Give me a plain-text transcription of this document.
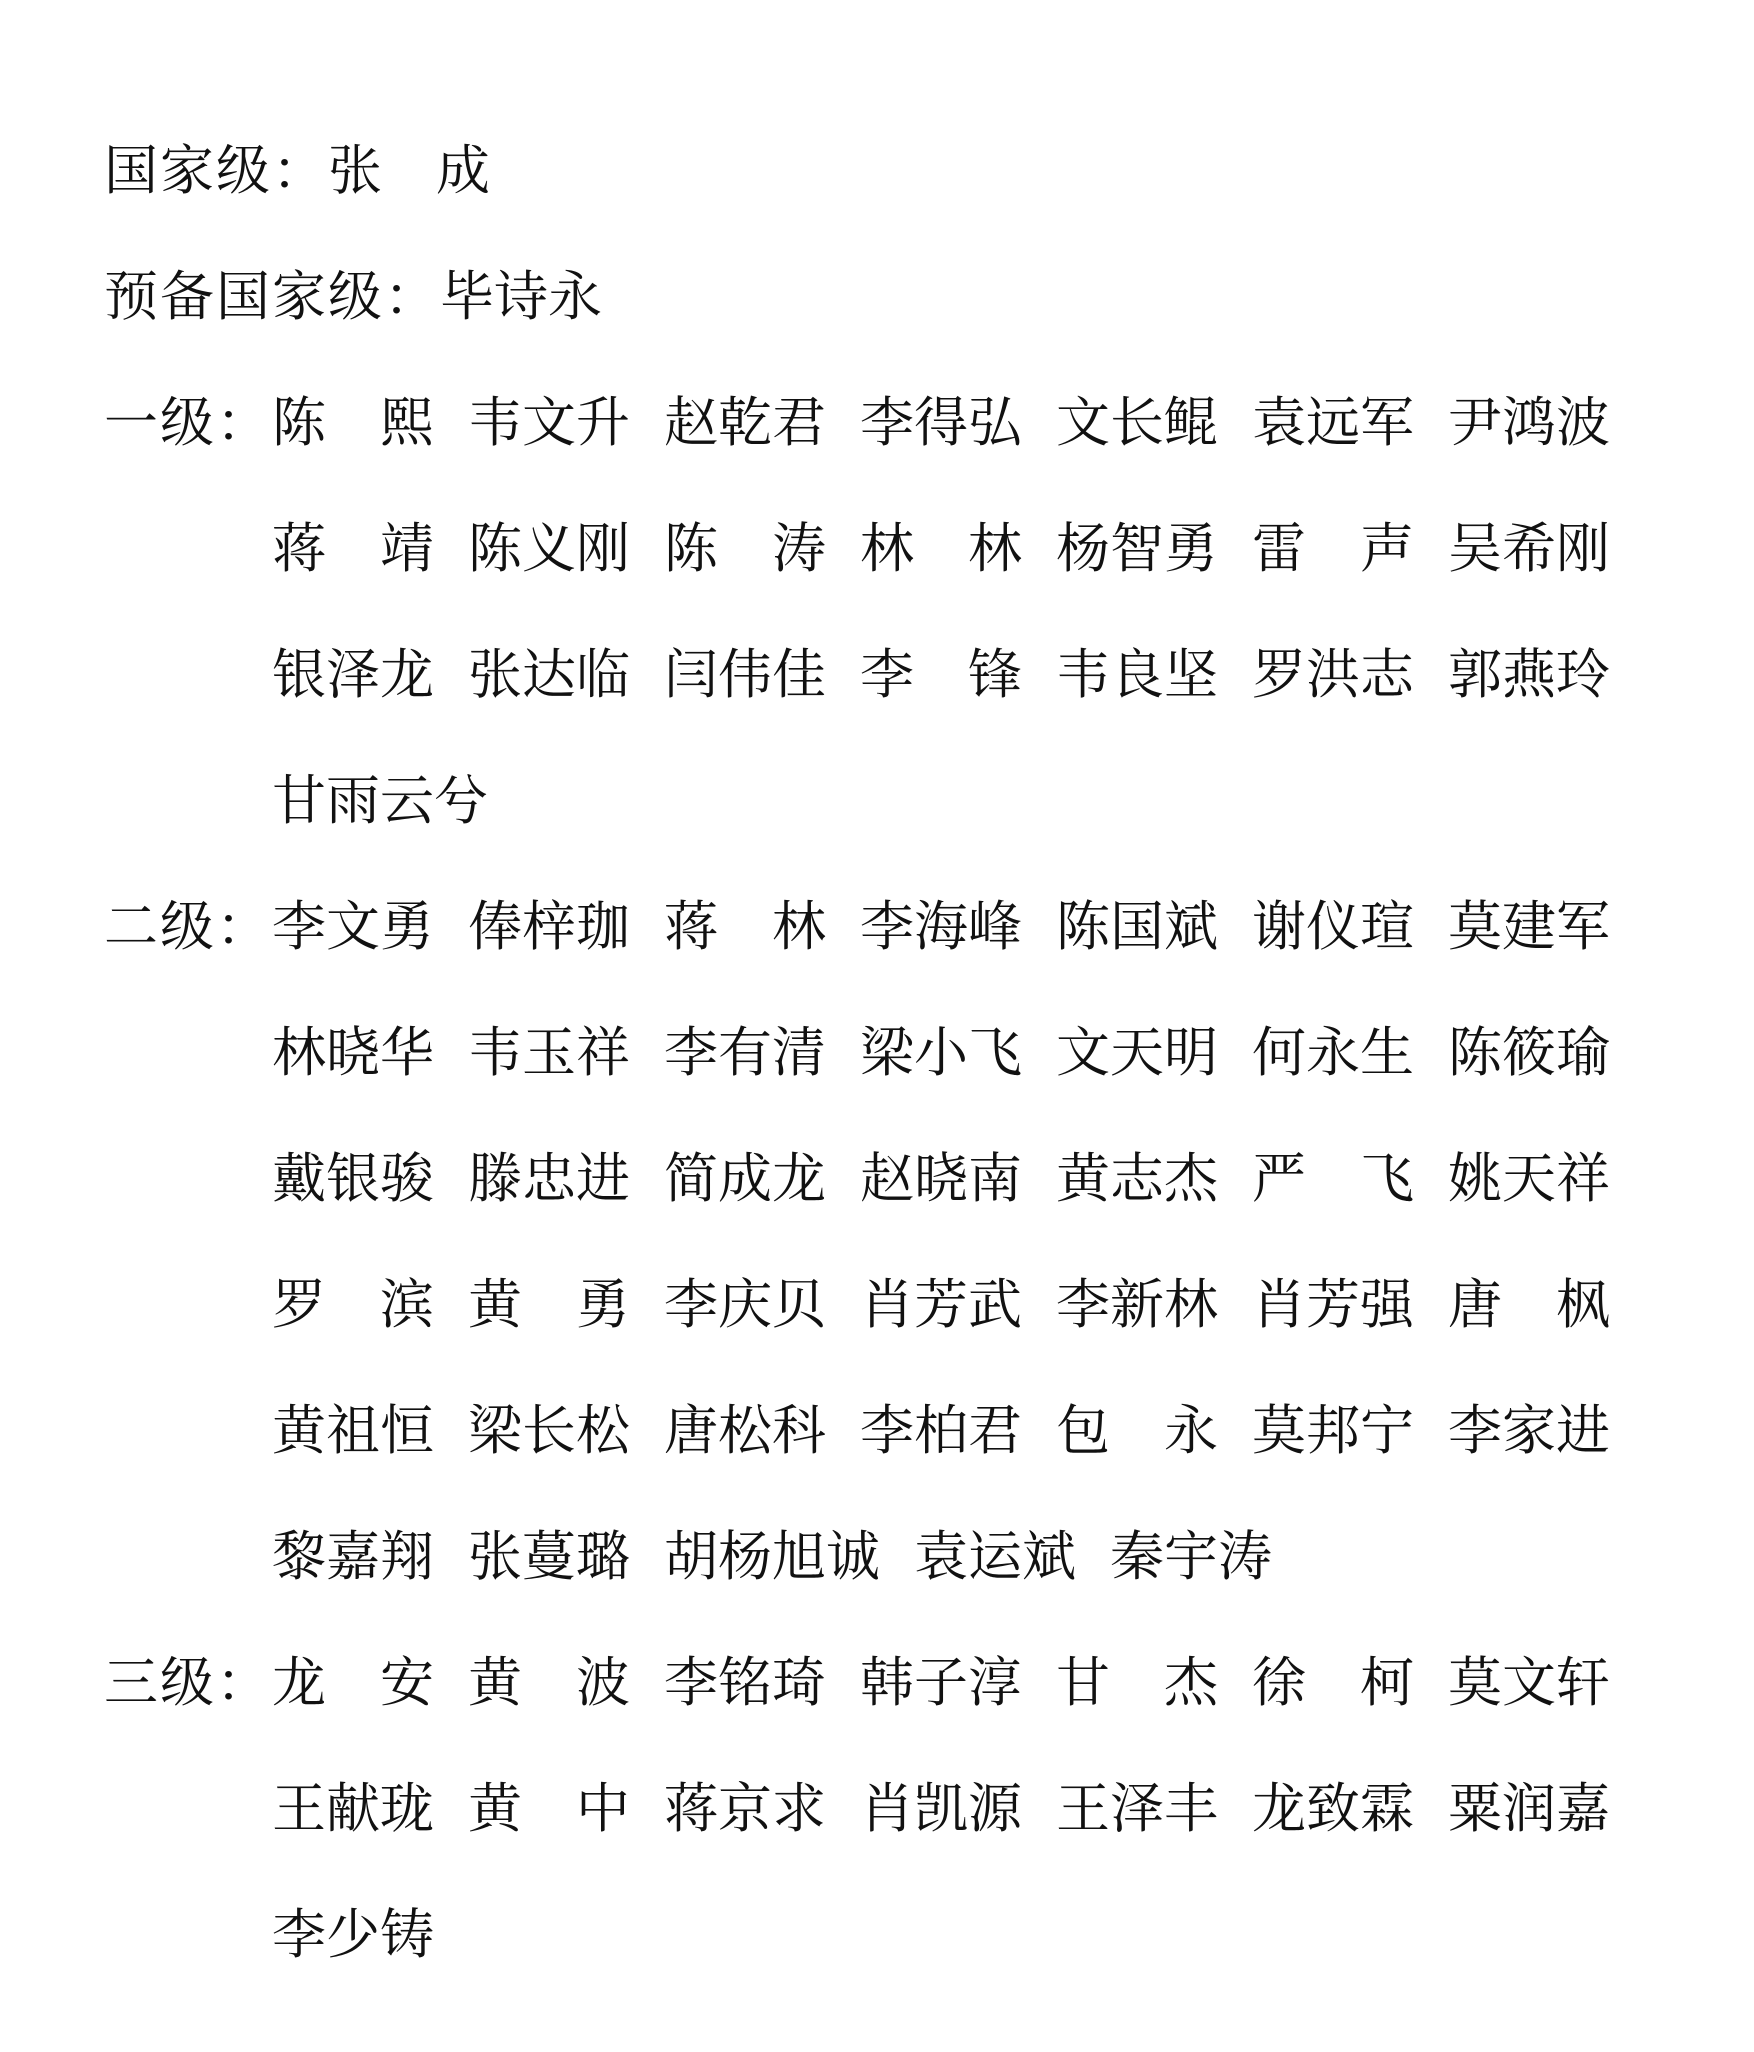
国家级： 张　成
预备国家级： 毕诗永
一级： 陈　熙 韦文升 赵乾君 李得弘 文长鲲 袁远军 尹鸿波
蒋　靖 陈义刚 陈　涛 林　林 杨智勇 雷　声 吴希刚
银泽龙 张达临 闫伟佳 李　锋 韦良坚 罗洪志 郭燕玲
甘雨云兮
二级： 李文勇 俸梓珈 蒋　林 李海峰 陈国斌 谢仪瑄 莫建军
林晓华 韦玉祥 李有清 梁小飞 文天明 何永生 陈筱瑜
戴银骏 滕忠进 简成龙 赵晓南 黄志杰 严　飞 姚天祥
罗　滨 黄　勇 李庆贝 肖芳武 李新林 肖芳强 唐　枫
黄祖恒 梁长松 唐松科 李柏君 包　永 莫邦宁 李家进
黎嘉翔 张蔓璐 胡杨旭诚 袁运斌 秦宇涛
三级： 龙　安 黄　波 李铭琦 韩子淳 甘　杰 徐　柯 莫文轩
王献珑 黄　中 蒋京求 肖凯源 王泽丰 龙致霖 粟润嘉
李少铸
